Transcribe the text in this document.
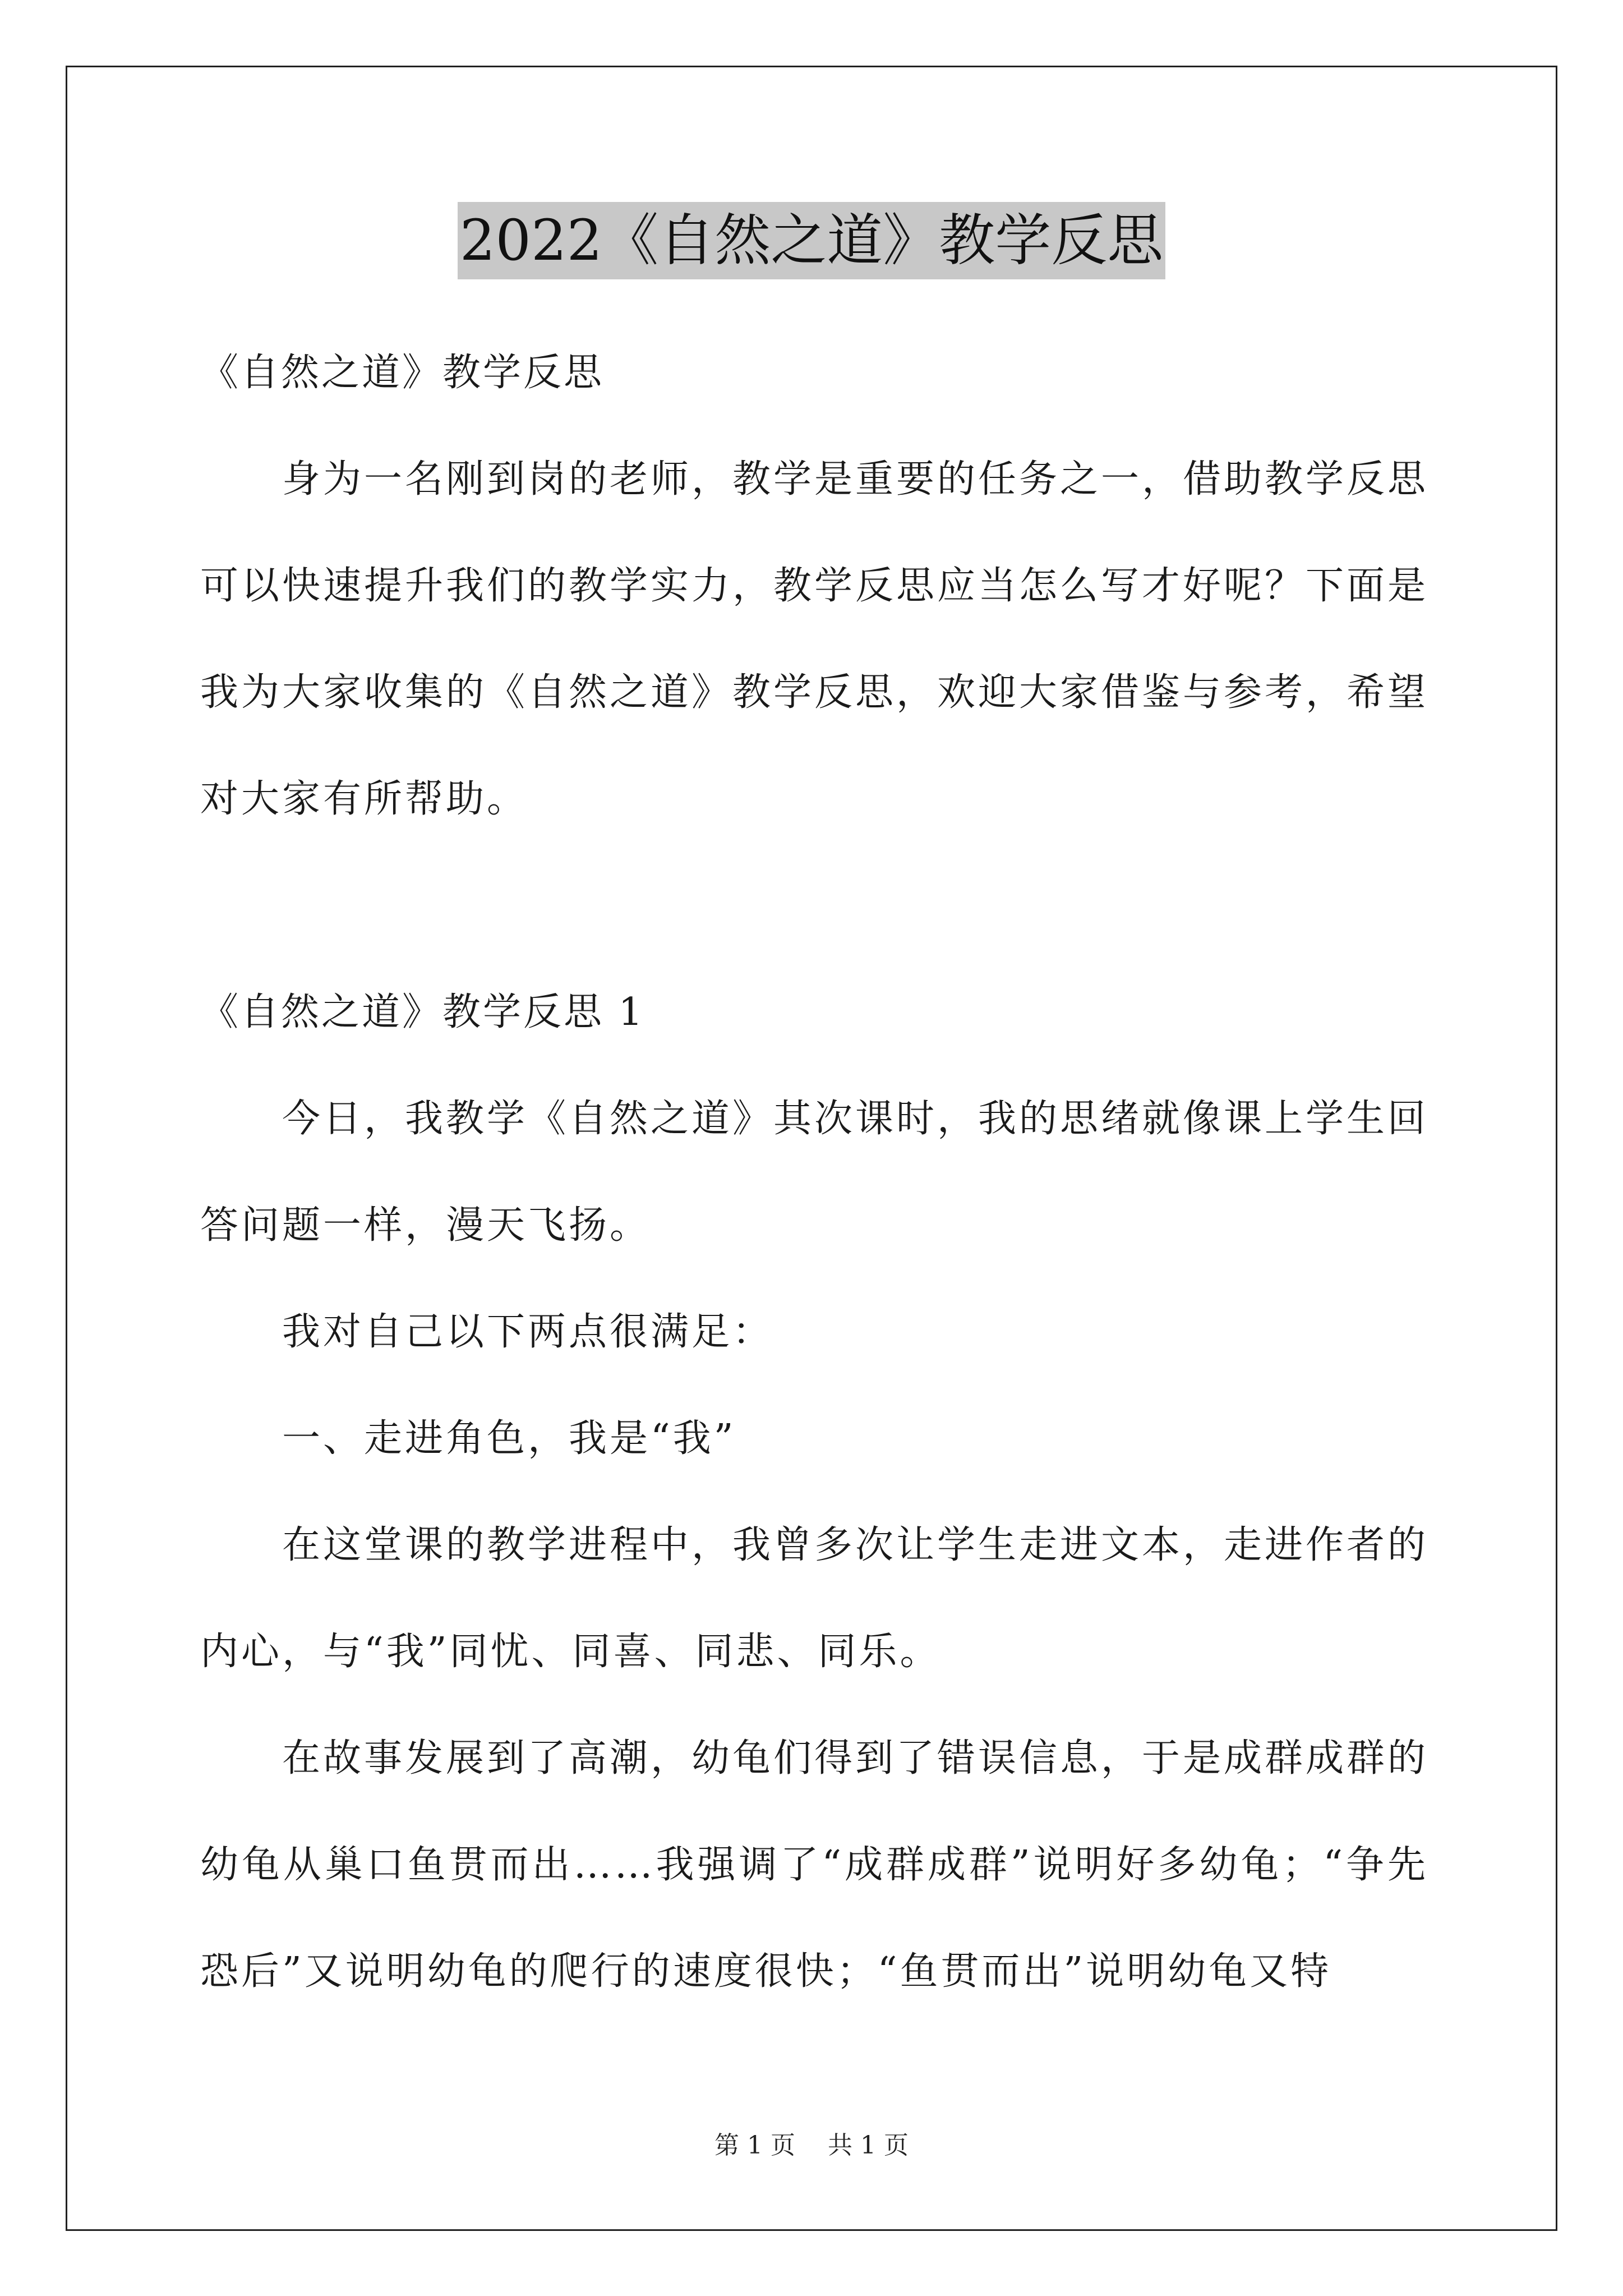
2022《自然之道》教学反思

《自然之道》教学反思

身为一名刚到岗的老师，教学是重要的任务之一，借助教学反思可以快速提升我们的教学实力，教学反思应当怎么写才好呢？下面是我为大家收集的《自然之道》教学反思，欢迎大家借鉴与参考，希望对大家有所帮助。

《自然之道》教学反思 1

今日，我教学《自然之道》其次课时，我的思绪就像课上学生回答问题一样，漫天飞扬。

我对自己以下两点很满足：

一、走进角色，我是“我”

在这堂课的教学进程中，我曾多次让学生走进文本，走进作者的内心，与“我”同忧、同喜、同悲、同乐。

在故事发展到了高潮，幼龟们得到了错误信息，于是成群成群的幼龟从巢口鱼贯而出……我强调了“成群成群”说明好多幼龟；“争先恐后”又说明幼龟的爬行的速度很快；“鱼贯而出”说明幼龟又特

第 1 页　 共 1 页
